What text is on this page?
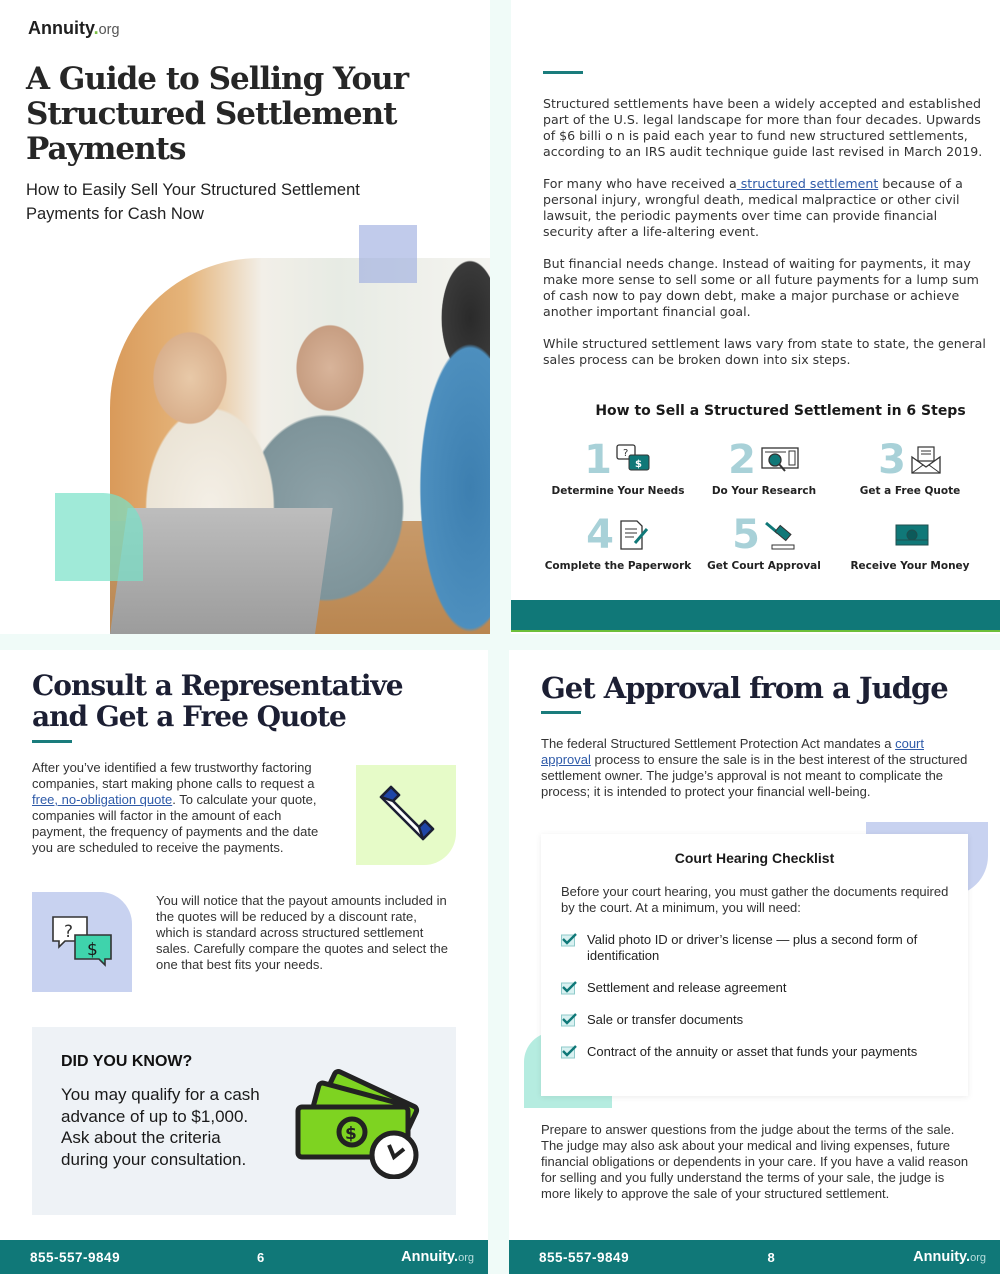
Annuity.org
A Guide to Selling Your Structured Settlement Payments
How to Easily Sell Your Structured Settlement Payments for Cash Now

Structured settlements have been a widely accepted and established part of the U.S. legal landscape for more than four decades. Upwards of $6 billi o n is paid each year to fund new structured settlements, according to an IRS audit technique guide last revised in March 2019.

For many who have received a structured settlement because of a personal injury, wrongful death, medical malpractice or other civil lawsuit, the periodic payments over time can provide financial security after a life-altering event.

But financial needs change. Instead of waiting for payments, it may make more sense to sell some or all future payments for a lump sum of cash now to pay down debt, make a major purchase or achieve another important financial goal.

While structured settlement laws vary from state to state, the general sales process can be broken down into six steps.

How to Sell a Structured Settlement in 6 Steps
1 ?
$
Determine Your Needs
2
Do Your Research
3
Get a Free Quote
4
Complete the Paperwork
5
Get Court Approval	Receive Your Money
Consult a Representative and Get a Free Quote

After you’ve identified a few trustworthy factoring companies, start making phone calls to request a free, no-obligation quote. To calculate your quote, companies will factor in the amount of each payment, the frequency of payments and the date you are scheduled to receive the payments.

?
$

You will notice that the payout amounts included in the quotes will be reduced by a discount rate, which is standard across structured settlement sales. Carefully compare the quotes and select the one that best fits your needs.

DID YOU KNOW?
You may qualify for a cash advance of up to $1,000. Ask about the criteria during your consultation.
$
855-557-9849	6	Annuity.org
Get Approval from a Judge

The federal Structured Settlement Protection Act mandates a court approval process to ensure the sale is in the best interest of the structured settlement owner. The judge’s approval is not meant to complicate the process; it is intended to protect your financial well-being.

Court Hearing Checklist

Before your court hearing, you must gather the documents required by the court. At a minimum, you will need:

Valid photo ID or driver’s license — plus a second form of identification
Settlement and release agreement
Sale or transfer documents
Contract of the annuity or asset that funds your payments

Prepare to answer questions from the judge about the terms of the sale. The judge may also ask about your medical and living expenses, future financial obligations or dependents in your care. If you have a valid reason for selling and you fully understand the terms of your sale, the judge is more likely to approve the sale of your structured settlement.

855-557-9849	8	Annuity.org
